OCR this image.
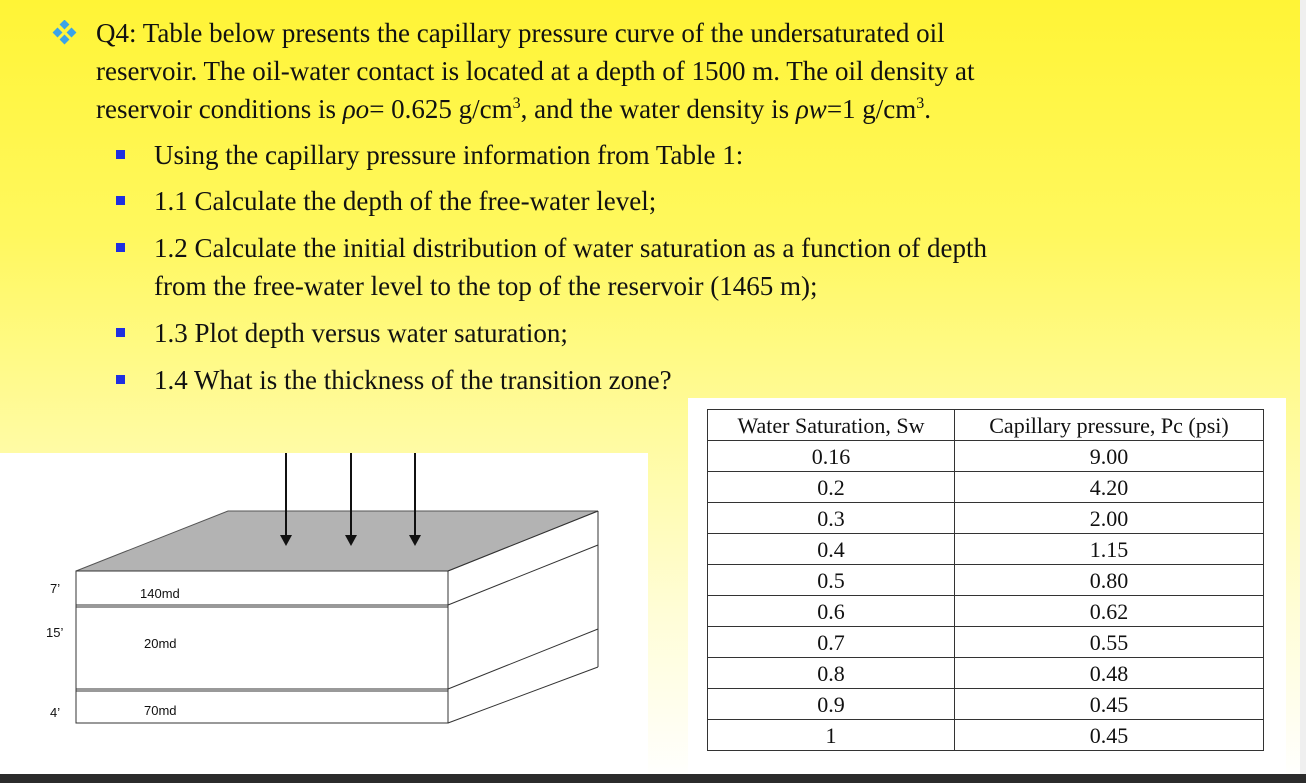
Q4: Table below presents the capillary pressure curve of the undersaturated oil
reservoir. The oil-water contact is located at a depth of 1500 m. The oil density at
reservoir conditions is ρo= 0.625 $g/cm^3$, and the water density is ρw=1 $g/cm^3$.
Using the capillary pressure information from Table 1:
1.1 Calculate the depth of the free-water level;
1.2 Calculate the initial distribution of water saturation as a function of depth
from the free-water level to the top of the reservoir (1465 m);
1.3 Plot depth versus water saturation;
1.4 What is the thickness of the transition zone?
7’	140md
15’
20md
4’	70md
Water Saturation, Sw	Capillary pressure, Pc (psi)
0.16	9.00
0.2	4.20
0.3	2.00
0.4	1.15
0.5	0.80
0.6	0.62
0.7	0.55
0.8	0.48
0.9	0.45
1	0.45
